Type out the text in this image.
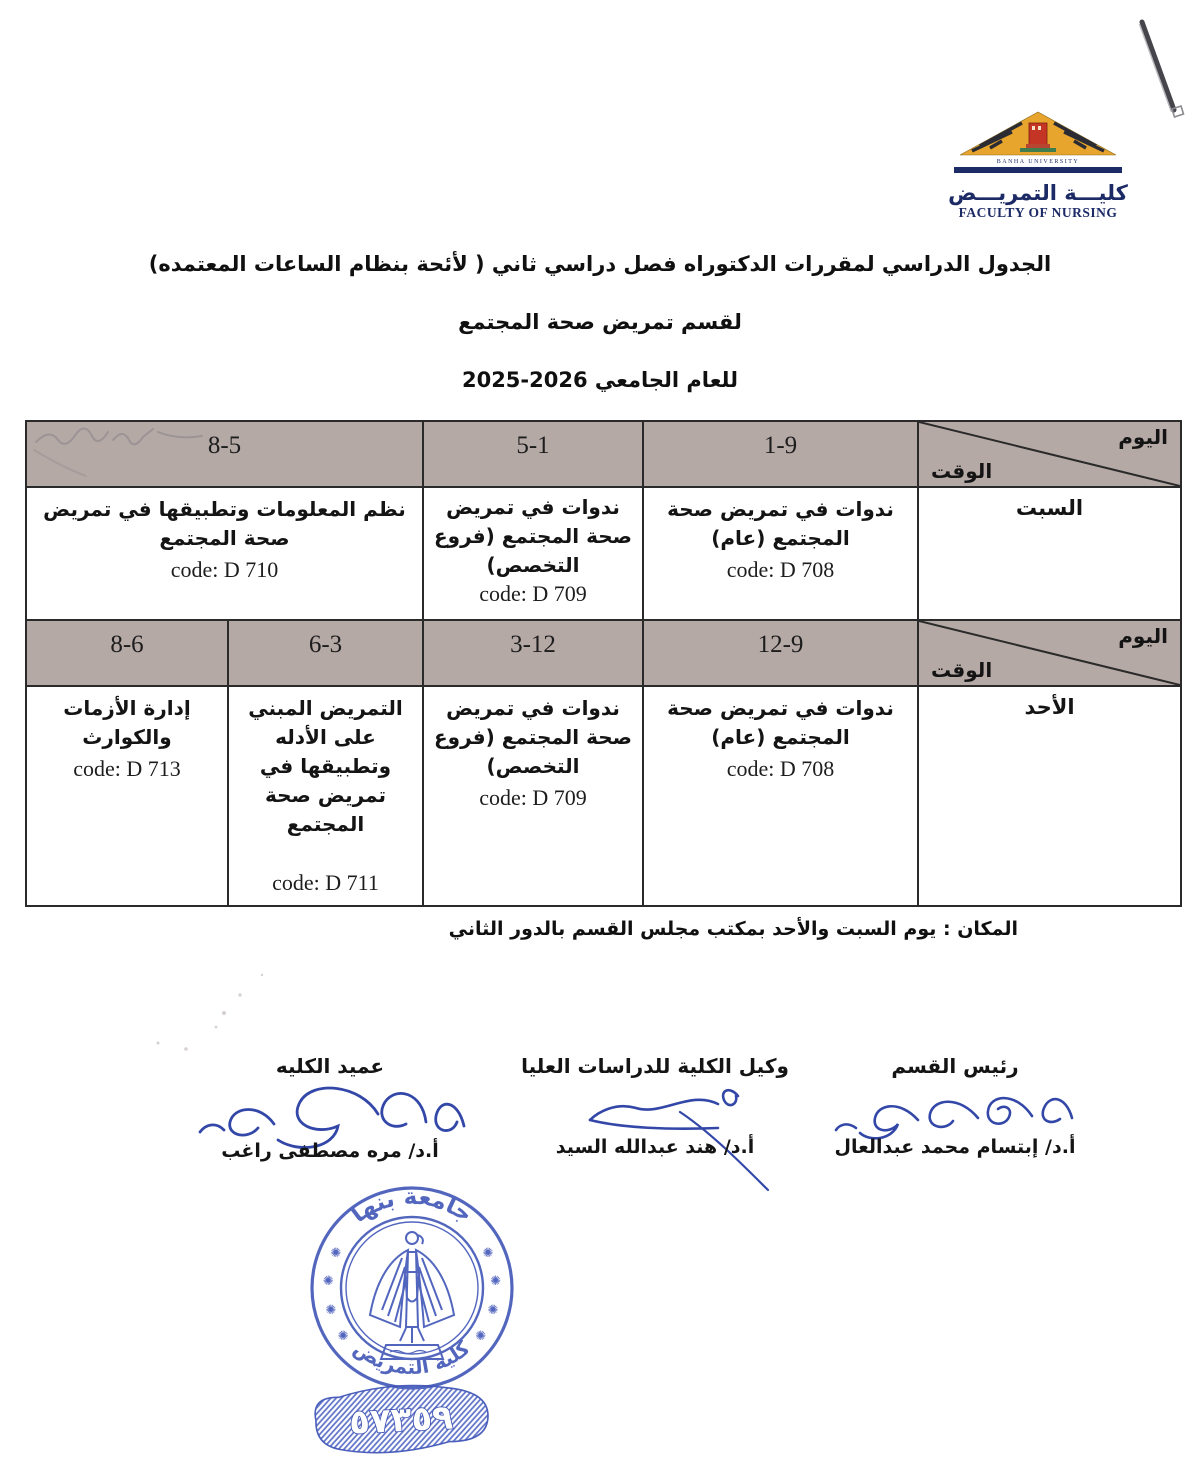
BANHA UNIVERSITY
كليـــة التمريـــض
FACULTY OF NURSING
الجدول الدراسي لمقررات الدكتوراه فصل دراسي ثاني ( لأئحة بنظام الساعات المعتمده)
لقسم تمريض صحة المجتمع
للعام الجامعي 2026-2025
اليوم
الوقت
1-9
5-1
8-5
السبت
ندوات في تمريض صحة المجتمع (عام)
code: D 708
ندوات في تمريض صحة المجتمع (فروع التخصص)
code: D 709
نظم المعلومات وتطبيقها في تمريض صحة المجتمع
code: D 710
اليوم
الوقت
12-9
3-12
6-3
8-6
الأحد
ندوات في تمريض صحة المجتمع (عام)
code: D 708
ندوات في تمريض صحة المجتمع (فروع التخصص)
code: D 709
التمريض المبني على الأدله وتطبيقها في تمريض صحة المجتمع
code: D 711
إدارة الأزمات والكوارث
code: D 713
المكان : يوم السبت والأحد بمكتب مجلس القسم بالدور الثاني
رئيس القسم
أ.د/ إبتسام محمد عبدالعال
وكيل الكلية للدراسات العليا
أ.د/ هند عبدالله السيد
عميد الكليه
أ.د/ مره مصطفى راغب
جامعة بنها
كلية التمريض
✺
✺
✺
✺
✺
✺
✺
✺
٥٧٣٥٩
